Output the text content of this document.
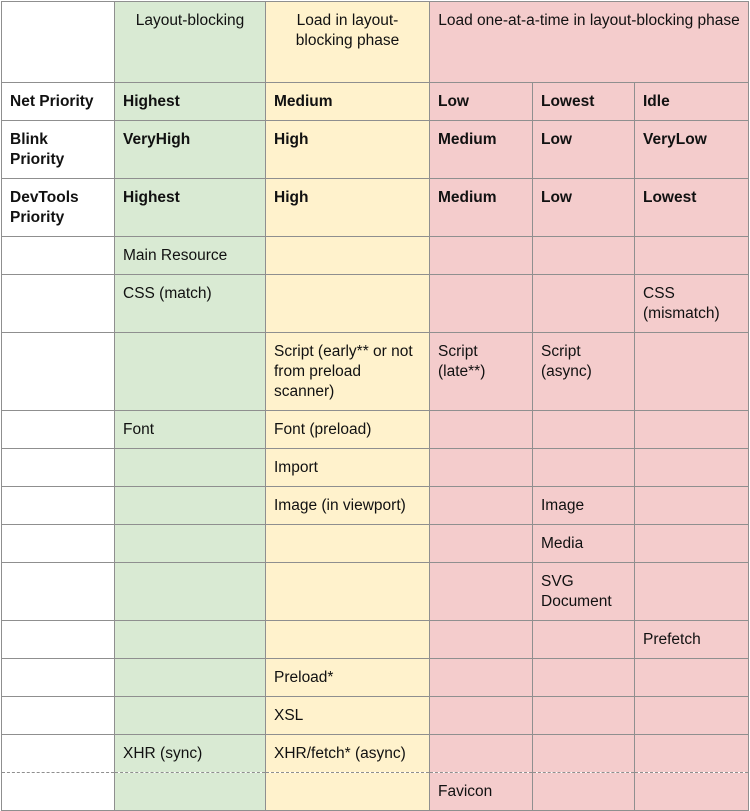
	Layout-blocking	Load in layout-blocking phase	Load one-at-a-time in layout-blocking phase		
Net Priority	Highest	Medium	Low	Lowest	Idle
Blink Priority	VeryHigh	High	Medium	Low	VeryLow
DevTools Priority	Highest	High	Medium	Low	Lowest
	Main Resource				
	CSS (match)				CSS (mismatch)
		Script (early** or not from preload scanner)	Script (late**)	Script (async)	
	Font	Font (preload)			
		Import			
		Image (in viewport)		Image	
				Media	
				SVG Document	
					Prefetch
		Preload*			
		XSL			
	XHR (sync)	XHR/fetch* (async)			
			Favicon		
